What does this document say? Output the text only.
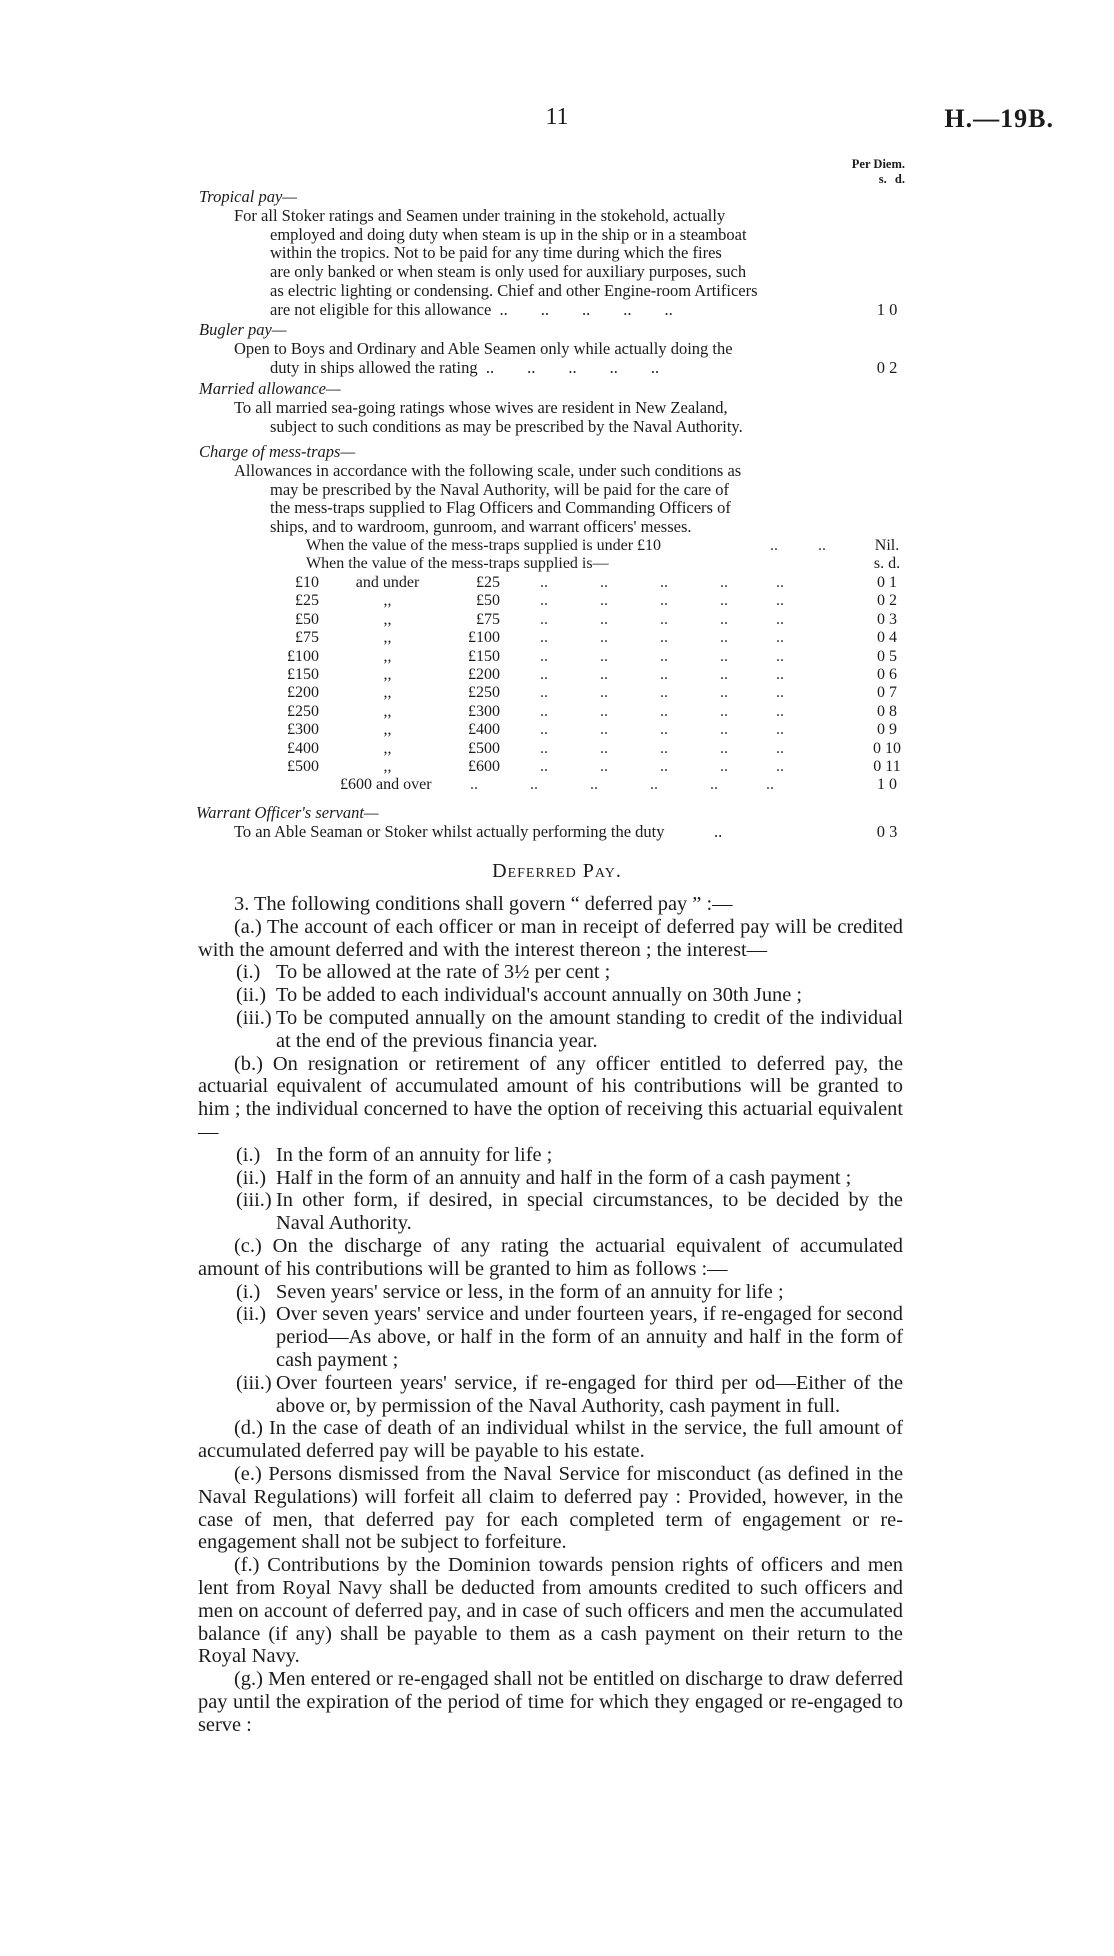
11	H.—19B.
Per Diem.
s. d.
Tropical pay—
For all Stoker ratings and Seamen under training in the stokehold, actually
employed and doing duty when steam is up in the ship or in a steamboat
within the tropics. Not to be paid for any time during which the fires
are only banked or when steam is only used for auxiliary purposes, such
as electric lighting or condensing. Chief and other Engine-room Artificers
are not eligible for this allowance  ..        ..        ..        ..        ..	1 0
Bugler pay—
Open to Boys and Ordinary and Able Seamen only while actually doing the
duty in ships allowed the rating  ..        ..        ..        ..        ..	0 2
Married allowance—
To all married sea-going ratings whose wives are resident in New Zealand,
subject to such conditions as may be prescribed by the Naval Authority.
Charge of mess-traps—
Allowances in accordance with the following scale, under such conditions as
may be prescribed by the Naval Authority, will be paid for the care of
the mess-traps supplied to Flag Officers and Commanding Officers of
ships, and to wardroom, gunroom, and warrant officers' messes.
When the value of the mess-traps supplied is under £10	..          ..	Nil.
When the value of the mess-traps supplied is—	s. d.
£10	and under	£25	..             ..             ..             ..            ..	0 1
£25	,,	£50	..             ..             ..             ..            ..	0 2
£50	,,	£75	..             ..             ..             ..            ..	0 3
£75	,,	£100	..             ..             ..             ..            ..	0 4
£100	,,	£150	..             ..             ..             ..            ..	0 5
£150	,,	£200	..             ..             ..             ..            ..	0 6
£200	,,	£250	..             ..             ..             ..            ..	0 7
£250	,,	£300	..             ..             ..             ..            ..	0 8
£300	,,	£400	..             ..             ..             ..            ..	0 9
£400	,,	£500	..             ..             ..             ..            ..	0 10
£500	,,	£600	..             ..             ..             ..            ..	0 11
£600 and over ..             ..             ..             ..             ..            ..	1 0
Warrant Officer's servant—
To an Able Seaman or Stoker whilst actually performing the duty            ..	0 3
Deferred Pay.

3. The following conditions shall govern “ deferred pay ” :—

(a.) The account of each officer or man in receipt of deferred pay will be credited with the amount deferred and with the interest thereon ; the interest—

(i.) To be allowed at the rate of 3½ per cent ;

(ii.) To be added to each individual's account annually on 30th June ;

(iii.) To be computed annually on the amount standing to credit of the individual at the end of the previous financia year.

(b.) On resignation or retirement of any officer entitled to deferred pay, the actuarial equivalent of accumulated amount of his contributions will be granted to him ; the individual concerned to have the option of receiving this actuarial equivalent—

(i.) In the form of an annuity for life ;

(ii.) Half in the form of an annuity and half in the form of a cash payment ;

(iii.) In other form, if desired, in special circumstances, to be decided by the Naval Authority.

(c.) On the discharge of any rating the actuarial equivalent of accumulated amount of his contributions will be granted to him as follows :—

(i.) Seven years' service or less, in the form of an annuity for life ;

(ii.) Over seven years' service and under fourteen years, if re-engaged for second period—As above, or half in the form of an annuity and half in the form of cash payment ;

(iii.) Over fourteen years' service, if re-engaged for third per od—Either of the above or, by permission of the Naval Authority, cash payment in full.

(d.) In the case of death of an individual whilst in the service, the full amount of accumulated deferred pay will be payable to his estate.

(e.) Persons dismissed from the Naval Service for misconduct (as defined in the Naval Regulations) will forfeit all claim to deferred pay : Provided, however, in the case of men, that deferred pay for each completed term of engagement or re-engagement shall not be subject to forfeiture.

(f.) Contributions by the Dominion towards pension rights of officers and men lent from Royal Navy shall be deducted from amounts credited to such officers and men on account of deferred pay, and in case of such officers and men the accumulated balance (if any) shall be payable to them as a cash payment on their return to the Royal Navy.

(g.) Men entered or re-engaged shall not be entitled on discharge to draw deferred pay until the expiration of the period of time for which they engaged or re-engaged to serve :
